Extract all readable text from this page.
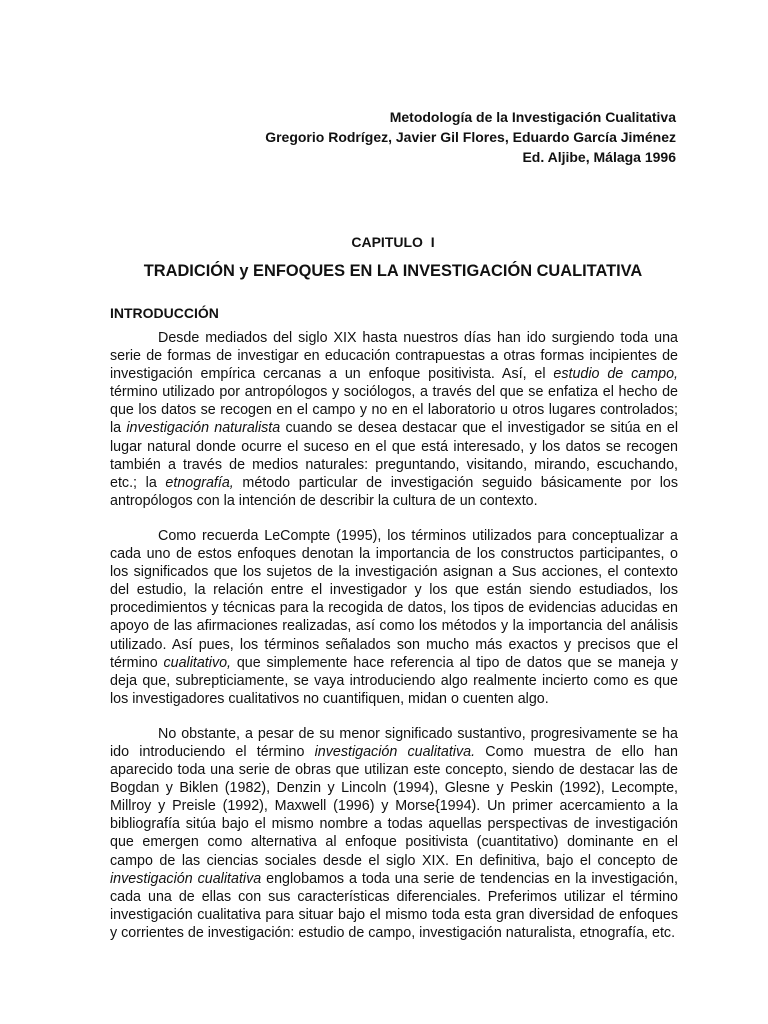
Metodología de la Investigación Cualitativa
Gregorio Rodrígez, Javier Gil Flores, Eduardo García Jiménez
Ed. Aljibe, Málaga 1996
CAPITULO  I
TRADICIÓN y ENFOQUES EN LA INVESTIGACIÓN CUALITATIVA
INTRODUCCIÓN

Desde mediados del siglo XIX hasta nuestros días han ido surgiendo toda una serie de formas de investigar en educación contrapuestas a otras formas incipientes de investigación empírica cercanas a un enfoque positivista. Así, el estudio de campo, término utilizado por antropólogos y sociólogos, a través del que se enfatiza el hecho de que los datos se recogen en el campo y no en el laboratorio u otros lugares controlados; la investigación naturalista cuando se desea destacar que el investigador se sitúa en el lugar natural donde ocurre el suceso en el que está interesado, y los datos se recogen también a través de medios naturales: preguntando, visitando, mirando, escuchando, etc.; la etnografía, método particular de investigación seguido básicamente por los antropólogos con la intención de describir la cultura de un contexto.

Como recuerda LeCompte (1995), los términos utilizados para conceptualizar a cada uno de estos enfoques denotan la importancia de los constructos participantes, o los significados que los sujetos de la investigación asignan a Sus acciones, el contexto del estudio, la relación entre el investigador y los que están siendo estudiados, los procedimientos y técnicas para la recogida de datos, los tipos de evidencias aducidas en apoyo de las afirmaciones realizadas, así como los métodos y la importancia del análisis utilizado. Así pues, los términos señalados son mucho más exactos y precisos que el término cualitativo, que simplemente hace referencia al tipo de datos que se maneja y deja que, subrepticiamente, se vaya introduciendo algo realmente incierto como es que los investigadores cualitativos no cuantifiquen, midan o cuenten algo.

No obstante, a pesar de su menor significado sustantivo, progresivamente se ha ido introduciendo el término investigación cualitativa. Como muestra de ello han aparecido toda una serie de obras que utilizan este concepto, siendo de destacar las de Bogdan y Biklen (1982), Denzin y Lincoln (1994), Glesne y Peskin (1992), Lecompte, Millroy y Preisle (1992), Maxwell (1996) y Morse{1994). Un primer acercamiento a la bibliografía sitúa bajo el mismo nombre a todas aquellas perspectivas de investigación que emergen como alternativa al enfoque positivista (cuantitativo) dominante en el campo de las ciencias sociales desde el siglo XIX. En definitiva, bajo el concepto de investigación cualitativa englobamos a toda una serie de tendencias en la investigación, cada una de ellas con sus características diferenciales. Preferimos utilizar el término investigación cualitativa para situar bajo el mismo toda esta gran diversidad de enfoques y corrientes de investigación: estudio de campo, investigación naturalista, etnografía, etc.
